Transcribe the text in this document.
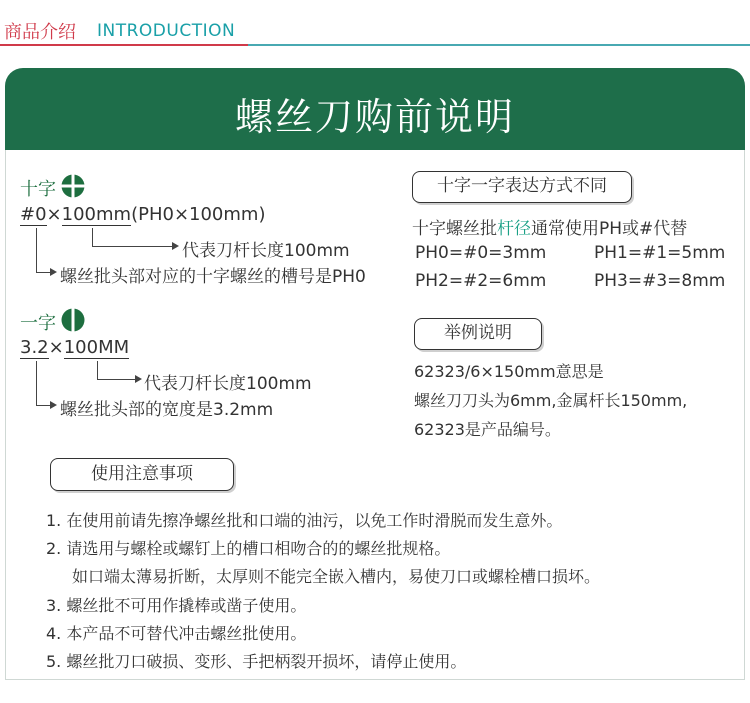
商品介绍 INTRODUCTION
螺丝刀购前说明
十字
#0×100mm(PH0×100mm)
代表刀杆长度100mm
螺丝批头部对应的十字螺丝的槽号是PH0
一字
3.2×100MM
代表刀杆长度100mm
螺丝批头部的宽度是3.2mm
十字一字表达方式不同
十字螺丝批杆径通常使用PH或#代替
PH0=#0=3mm	PH1=#1=5mm
PH2=#2=6mm	PH3=#3=8mm
举例说明
62323/6×150mm意思是
螺丝刀刀头为6mm,金属杆长150mm,
62323是产品编号。
使用注意事项
1. 在使用前请先擦净螺丝批和口端的油污，以免工作时滑脱而发生意外。
2. 请选用与螺栓或螺钉上的槽口相吻合的的螺丝批规格。
如口端太薄易折断，太厚则不能完全嵌入槽内，易使刀口或螺栓槽口损坏。
3. 螺丝批不可用作撬棒或凿子使用。
4. 本产品不可替代冲击螺丝批使用。
5. 螺丝批刀口破损、变形、手把柄裂开损坏，请停止使用。
